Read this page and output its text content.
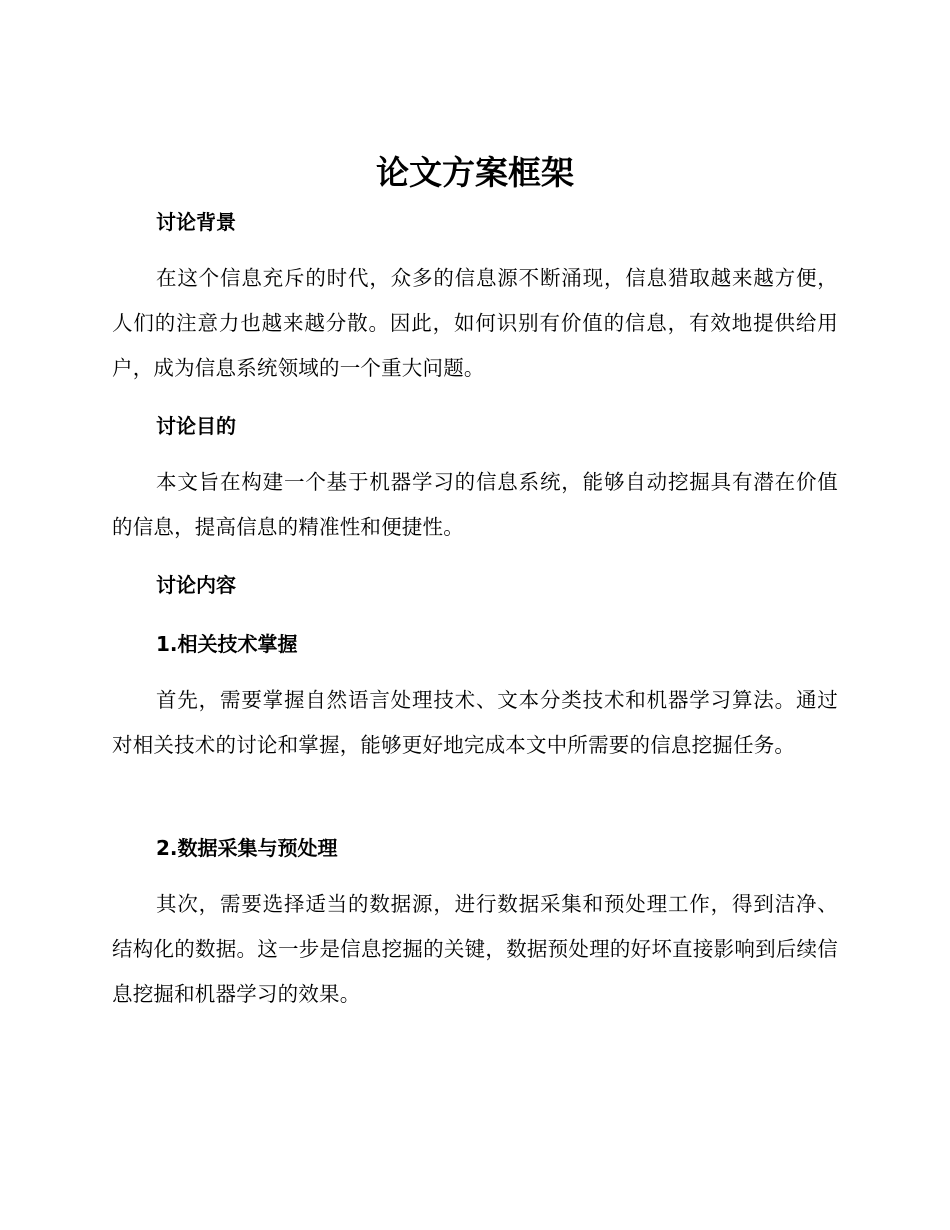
论文方案框架
讨论背景

在这个信息充斥的时代，众多的信息源不断涌现，信息猎取越来越方便，人们的注意力也越来越分散。因此，如何识别有价值的信息，有效地提供给用户，成为信息系统领域的一个重大问题。

讨论目的

本文旨在构建一个基于机器学习的信息系统，能够自动挖掘具有潜在价值的信息，提高信息的精准性和便捷性。

讨论内容
1.相关技术掌握

首先，需要掌握自然语言处理技术、文本分类技术和机器学习算法。通过对相关技术的讨论和掌握，能够更好地完成本文中所需要的信息挖掘任务。

2.数据采集与预处理

其次，需要选择适当的数据源，进行数据采集和预处理工作，得到洁净、结构化的数据。这一步是信息挖掘的关键，数据预处理的好坏直接影响到后续信息挖掘和机器学习的效果。
